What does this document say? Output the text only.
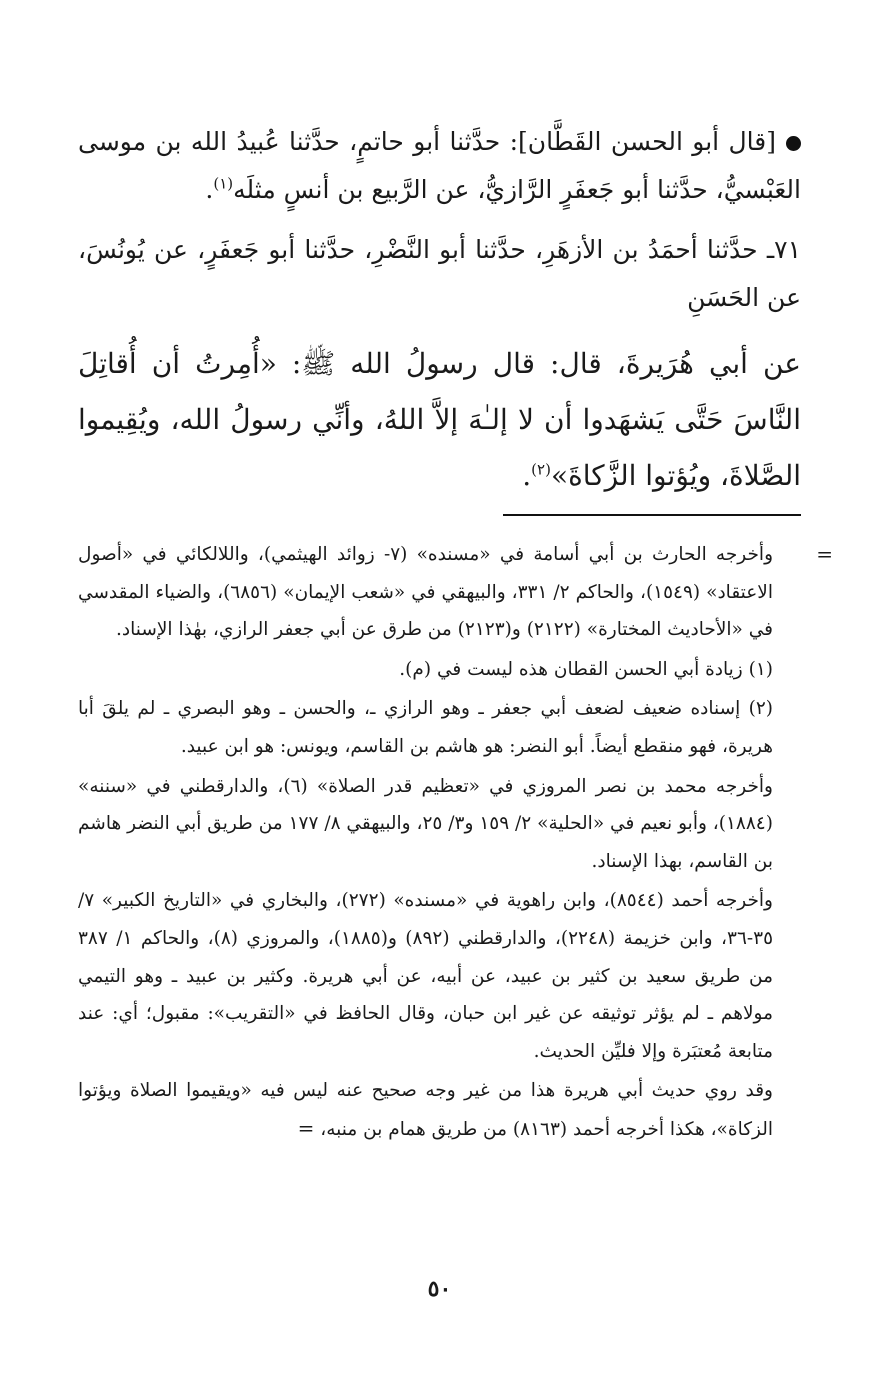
[قال أبو الحسن القَطَّان]: حدَّثنا أبو حاتمٍ، حدَّثنا عُبيدُ الله بن موسى العَبْسيُّ، حدَّثنا أبو جَعفَرٍ الرَّازيُّ، عن الرَّبيع بن أنسٍ مثلَه$^{(١)}$.

٧١ـ حدَّثنا أحمَدُ بن الأزهَرِ، حدَّثنا أبو النَّضْرِ، حدَّثنا أبو جَعفَرٍ، عن يُونُسَ، عن الحَسَنِ

عن أبي هُرَيرةَ، قال: قال رسولُ الله ﷺ: «أُمِرتُ أن أُقاتِلَ النَّاسَ حَتَّى يَشهَدوا أن لا إلـٰهَ إلاَّ اللهُ، وأنِّي رسولُ الله، ويُقِيموا الصَّلاةَ، ويُؤتوا الزَّكاةَ»$^{(٢)}$.

=
وأخرجه الحارث بن أبي أسامة في «مسنده» (٧- زوائد الهيثمي)، واللالكائي في «أصول الاعتقاد» (١٥٤٩)، والحاكم ٢/ ٣٣١، والبيهقي في «شعب الإيمان» (٦٨٥٦)، والضياء المقدسي في «الأحاديث المختارة» (٢١٢٢) و(٢١٢٣) من طرق عن أبي جعفر الرازي، بهٰذا الإسناد.

(١) زيادة أبي الحسن القطان هذه ليست في (م).

(٢) إسناده ضعيف لضعف أبي جعفر ـ وهو الرازي ـ، والحسن ـ وهو البصري ـ لم يلقَ أبا هريرة، فهو منقطع أيضاً. أبو النضر: هو هاشم بن القاسم، ويونس: هو ابن عبيد.

وأخرجه محمد بن نصر المروزي في «تعظيم قدر الصلاة» (٦)، والدارقطني في «سننه» (١٨٨٤)، وأبو نعيم في «الحلية» ٢/ ١٥٩ و٣/ ٢٥، والبيهقي ٨/ ١٧٧ من طريق أبي النضر هاشم بن القاسم، بهذا الإسناد.

وأخرجه أحمد (٨٥٤٤)، وابن راهوية في «مسنده» (٢٧٢)، والبخاري في «التاريخ الكبير» ٧/ ٣٥-٣٦، وابن خزيمة (٢٢٤٨)، والدارقطني (٨٩٢) و(١٨٨٥)، والمروزي (٨)، والحاكم ١/ ٣٨٧ من طريق سعيد بن كثير بن عبيد، عن أبيه، عن أبي هريرة. وكثير بن عبيد ـ وهو التيمي مولاهم ـ لم يؤثر توثيقه عن غير ابن حبان، وقال الحافظ في «التقريب»: مقبول؛ أي: عند متابعة مُعتبَرة وإلا فليِّن الحديث.

وقد روي حديث أبي هريرة هذا من غير وجه صحيح عنه ليس فيه «ويقيموا الصلاة ويؤتوا الزكاة»، هكذا أخرجه أحمد (٨١٦٣) من طريق همام بن منبه، =

٥٠
